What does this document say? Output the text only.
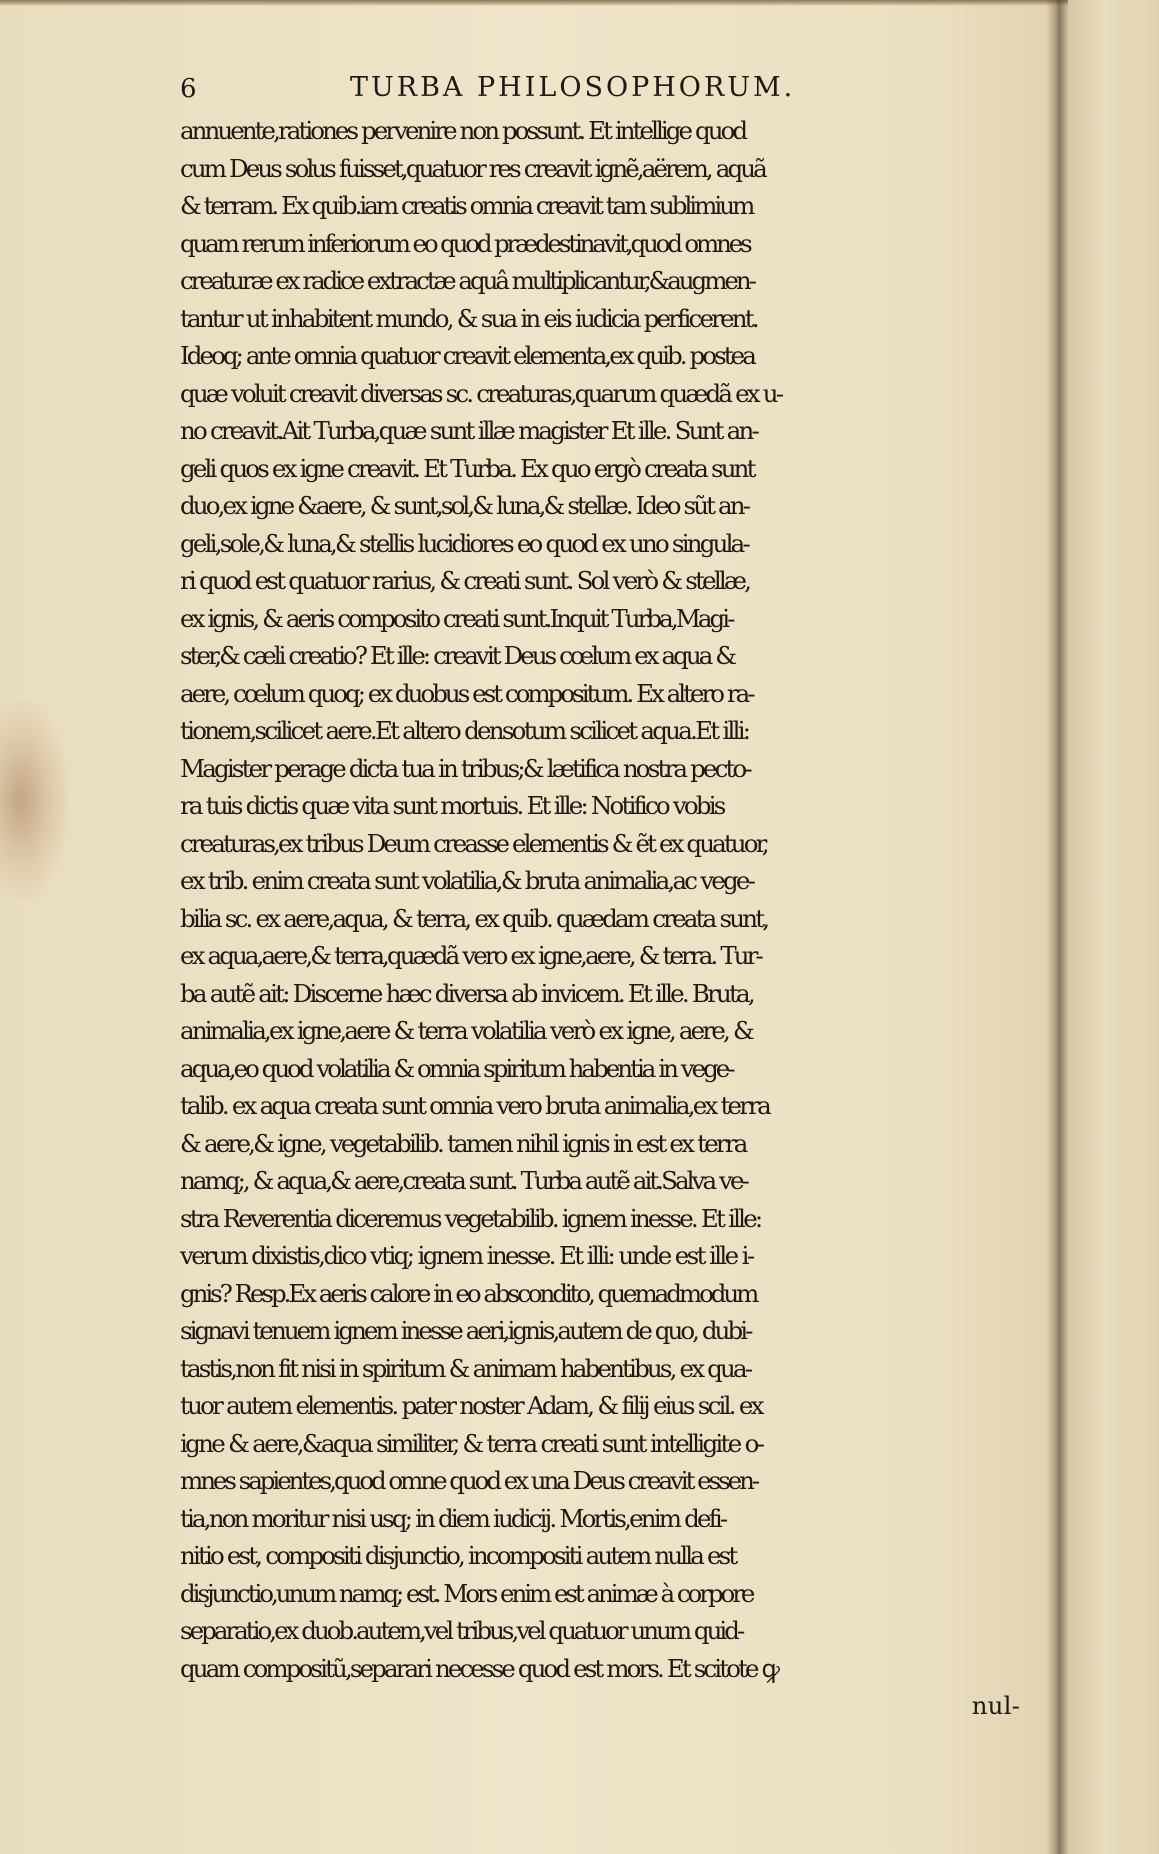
6	TURBA PHILOSOPHORUM.
annuente,rationes pervenire non possunt. Et intellige quod
cum Deus solus fuisset,quatuor res creavit ignẽ,aërem, aquã
& terram. Ex quib.iam creatis omnia creavit tam sublimium
quam rerum inferiorum eo quod prædestinavit,quod omnes
creaturæ ex radice extractæ aquâ multiplicantur,&augmen-
tantur ut inhabitent mundo, & sua in eis iudicia perficerent.
Ideoq; ante omnia quatuor creavit elementa,ex quib. postea
quæ voluit creavit diversas sc. creaturas,quarum quædã ex u-
no creavit.Ait Turba,quæ sunt illæ magister Et ille. Sunt an-
geli quos ex igne creavit. Et Turba. Ex quo ergò creata sunt
duo,ex igne &aere, & sunt,sol,& luna,& stellæ. Ideo sũt an-
geli,sole,& luna,& stellis lucidiores eo quod ex uno singula-
ri quod est quatuor rarius, & creati sunt. Sol verò & stellæ,
ex ignis, & aeris composito creati sunt.Inquit Turba,Magi-
ster,& cæli creatio? Et ille: creavit Deus cœlum ex aqua &
aere, cœlum quoq; ex duobus est compositum. Ex altero ra-
tionem,scilicet aere.Et altero densotum scilicet aqua.Et illi:
Magister perage dicta tua in tribus;& lætifica nostra pecto-
ra tuis dictis quæ vita sunt mortuis. Et ille: Notifico vobis
creaturas,ex tribus Deum creasse elementis & ẽt ex quatuor,
ex trib. enim creata sunt volatilia,& bruta animalia,ac vege-
bilia sc. ex aere,aqua, & terra, ex quib. quædam creata sunt,
ex aqua,aere,& terra,quædã vero ex igne,aere, & terra. Tur-
ba autẽ ait: Discerne hæc diversa ab invicem. Et ille. Bruta,
animalia,ex igne,aere & terra volatilia verò ex igne, aere, &
aqua,eo quod volatilia & omnia spiritum habentia in vege-
talib. ex aqua creata sunt omnia vero bruta animalia,ex terra
& aere,& igne, vegetabilib. tamen nihil ignis in est ex terra
namq;, & aqua,& aere,creata sunt. Turba autẽ ait.Salva ve-
stra Reverentia diceremus vegetabilib. ignem inesse. Et ille:
verum dixistis,dico vtiq; ignem inesse. Et illi: unde est ille i-
gnis? Resp.Ex aeris calore in eo abscondito, quemadmodum
signavi tenuem ignem inesse aeri,ignis,autem de quo, dubi-
tastis,non fit nisi in spiritum & animam habentibus, ex qua-
tuor autem elementis. pater noster Adam, & filij eius scil. ex
igne & aere,&aqua similiter, & terra creati sunt intelligite o-
mnes sapientes,quod omne quod ex una Deus creavit essen-
tia,non moritur nisi usq; in diem iudicij. Mortis,enim defi-
nitio est, compositi disjunctio, incompositi autem nulla est
disjunctio,unum namq; est. Mors enim est animæ à corpore
separatio,ex duob.autem,vel tribus,vel quatuor unum quid-
quam compositũ,separari necesse quod est mors. Et scitote ꝙ
nul-
